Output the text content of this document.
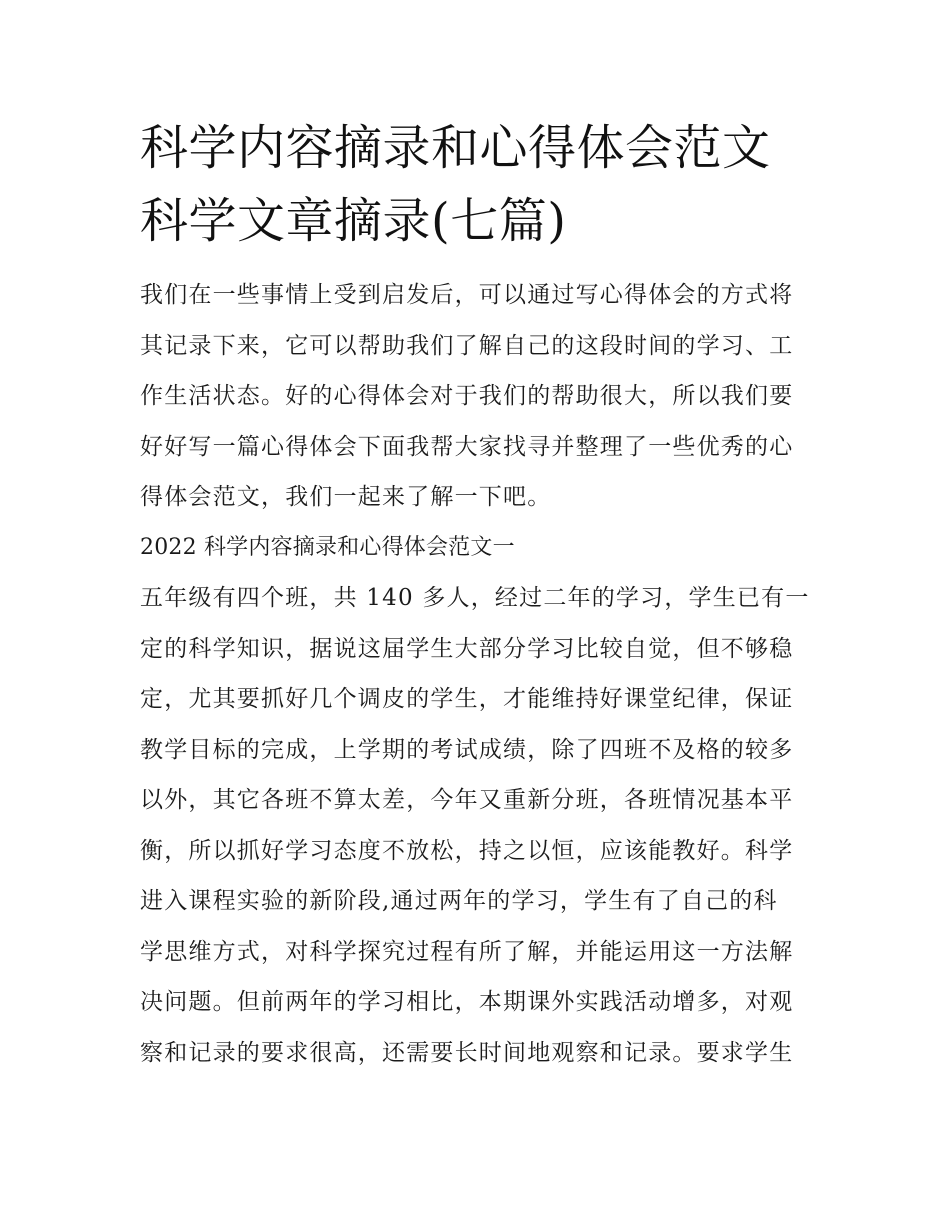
科学内容摘录和心得体会范文
科学文章摘录(七篇)
我们在一些事情上受到启发后，可以通过写心得体会的方式将
其记录下来，它可以帮助我们了解自己的这段时间的学习、工
作生活状态。好的心得体会对于我们的帮助很大，所以我们要
好好写一篇心得体会下面我帮大家找寻并整理了一些优秀的心
得体会范文，我们一起来了解一下吧。
2022 科学内容摘录和心得体会范文一
五年级有四个班，共 140 多人，经过二年的学习，学生已有一
定的科学知识，据说这届学生大部分学习比较自觉，但不够稳
定，尤其要抓好几个调皮的学生，才能维持好课堂纪律，保证
教学目标的完成，上学期的考试成绩，除了四班不及格的较多
以外，其它各班不算太差，今年又重新分班，各班情况基本平
衡，所以抓好学习态度不放松，持之以恒，应该能教好。科学
进入课程实验的新阶段,通过两年的学习，学生有了自己的科
学思维方式，对科学探究过程有所了解，并能运用这一方法解
决问题。但前两年的学习相比，本期课外实践活动增多，对观
察和记录的要求很高，还需要长时间地观察和记录。要求学生
